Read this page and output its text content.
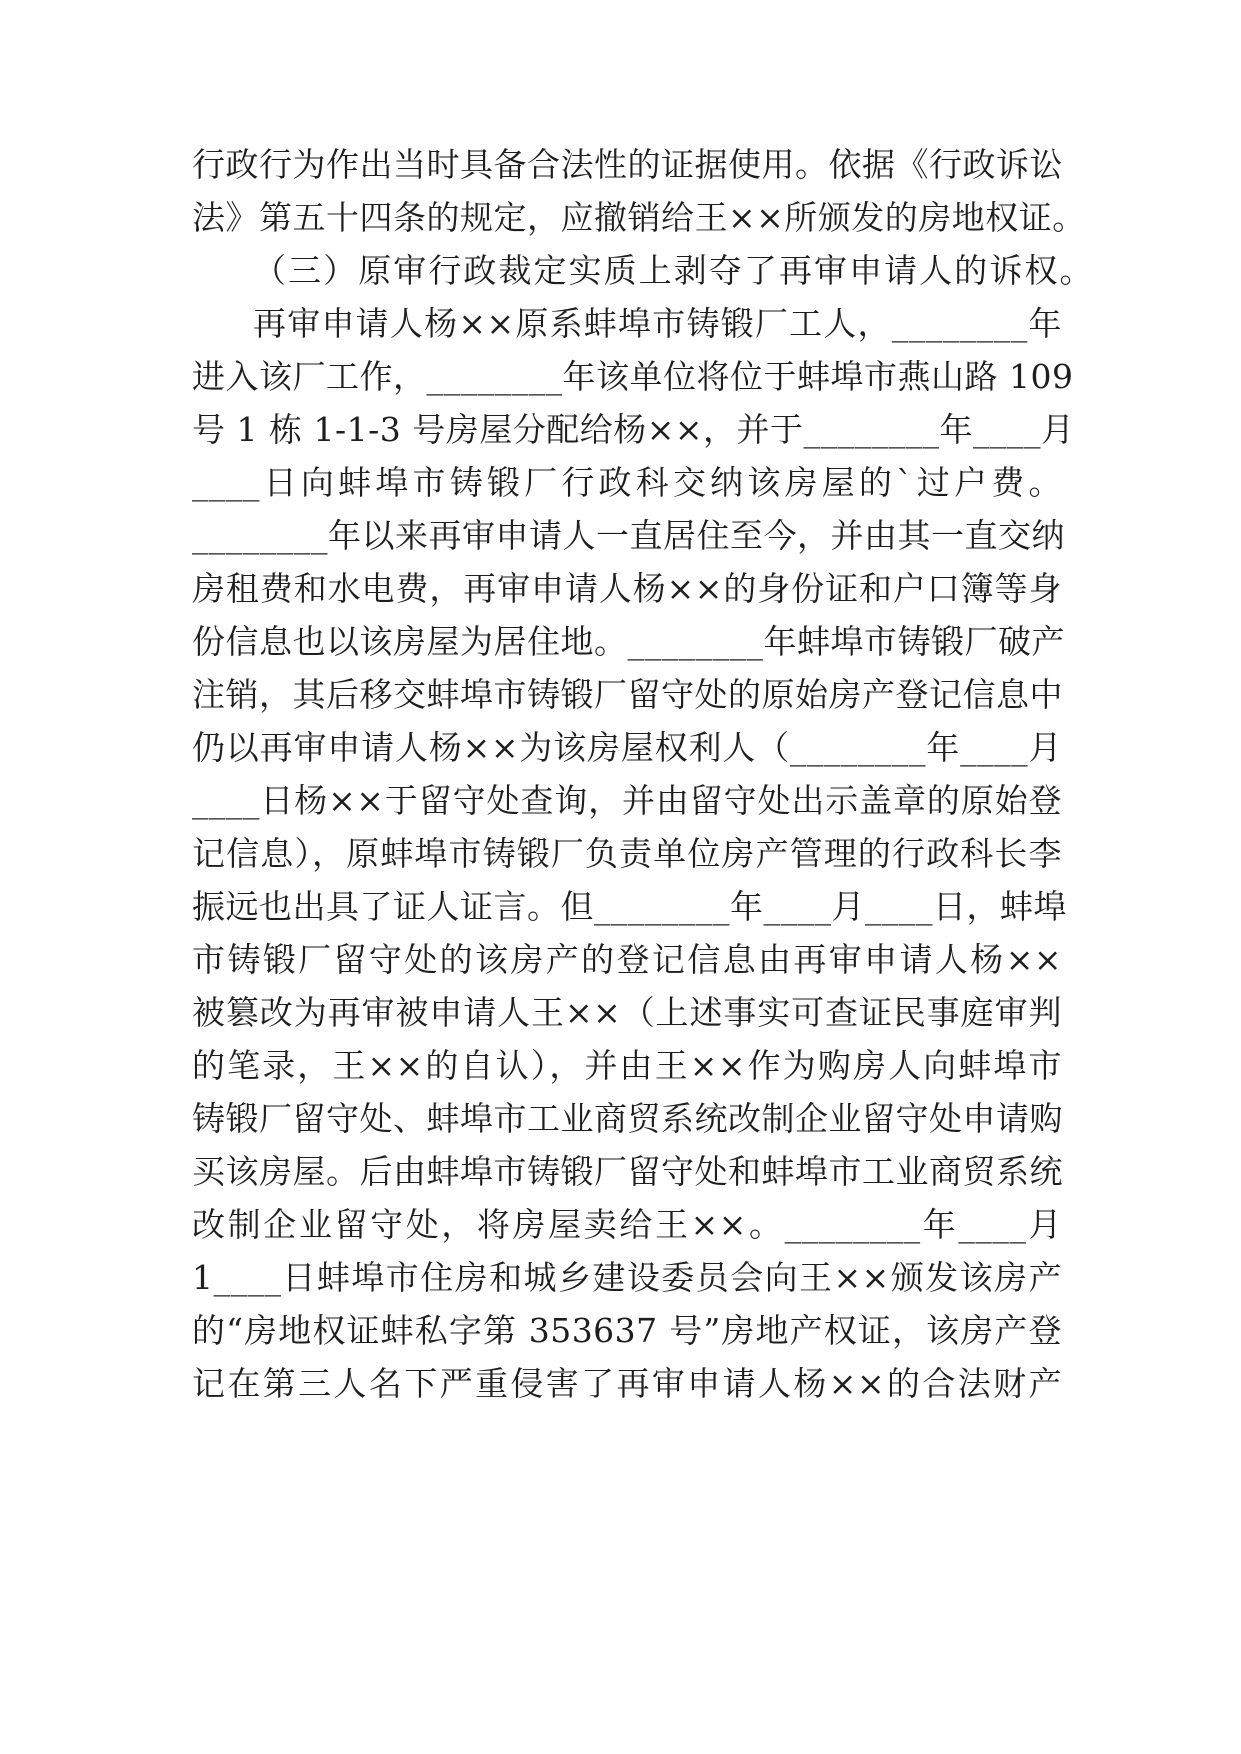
行政行为作出当时具备合法性的证据使用。依据《行政诉讼
法》第五十四条的规定，应撤销给王××所颁发的房地权证。
（三）原审行政裁定实质上剥夺了再审申请人的诉权。
再审申请人杨××原系蚌埠市铸锻厂工人，________年
进入该厂工作，________年该单位将位于蚌埠市燕山路 109
号 1 栋 1-1-3 号房屋分配给杨××，并于________年____月
____日向蚌埠市铸锻厂行政科交纳该房屋的`过户费。
________年以来再审申请人一直居住至今，并由其一直交纳
房租费和水电费，再审申请人杨××的身份证和户口簿等身
份信息也以该房屋为居住地。________年蚌埠市铸锻厂破产
注销，其后移交蚌埠市铸锻厂留守处的原始房产登记信息中
仍以再审申请人杨××为该房屋权利人（________年____月
____日杨××于留守处查询，并由留守处出示盖章的原始登
记信息），原蚌埠市铸锻厂负责单位房产管理的行政科长李
振远也出具了证人证言。但________年____月____日，蚌埠
市铸锻厂留守处的该房产的登记信息由再审申请人杨××
被篡改为再审被申请人王××（上述事实可查证民事庭审判
的笔录，王××的自认），并由王××作为购房人向蚌埠市
铸锻厂留守处、蚌埠市工业商贸系统改制企业留守处申请购
买该房屋。后由蚌埠市铸锻厂留守处和蚌埠市工业商贸系统
改制企业留守处，将房屋卖给王××。________年____月
1____日蚌埠市住房和城乡建设委员会向王××颁发该房产
的“房地权证蚌私字第 353637 号”房地产权证，该房产登
记在第三人名下严重侵害了再审申请人杨××的合法财产
